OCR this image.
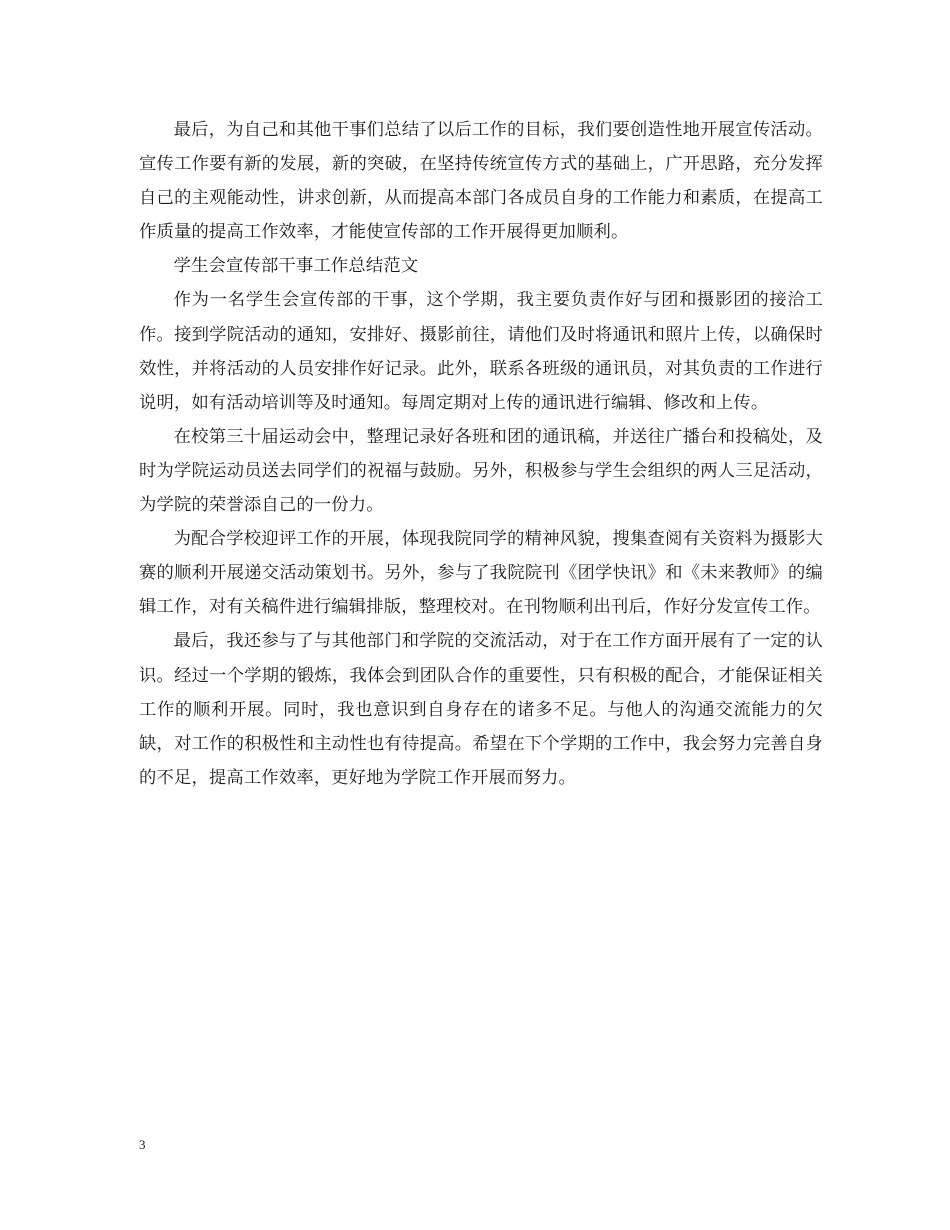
最后，为自己和其他干事们总结了以后工作的目标，我们要创造性地开展宣传活动。宣传工作要有新的发展，新的突破，在坚持传统宣传方式的基础上，广开思路，充分发挥自己的主观能动性，讲求创新，从而提高本部门各成员自身的工作能力和素质，在提高工作质量的提高工作效率，才能使宣传部的工作开展得更加顺利。

学生会宣传部干事工作总结范文

作为一名学生会宣传部的干事，这个学期，我主要负责作好与团和摄影团的接洽工作。接到学院活动的通知，安排好、摄影前往，请他们及时将通讯和照片上传，以确保时效性，并将活动的人员安排作好记录。此外，联系各班级的通讯员，对其负责的工作进行说明，如有活动培训等及时通知。每周定期对上传的通讯进行编辑、修改和上传。

在校第三十届运动会中，整理记录好各班和团的通讯稿，并送往广播台和投稿处，及时为学院运动员送去同学们的祝福与鼓励。另外，积极参与学生会组织的两人三足活动，为学院的荣誉添自己的一份力。

为配合学校迎评工作的开展，体现我院同学的精神风貌，搜集查阅有关资料为摄影大赛的顺利开展递交活动策划书。另外，参与了我院院刊《团学快讯》和《未来教师》的编辑工作，对有关稿件进行编辑排版，整理校对。在刊物顺利出刊后，作好分发宣传工作。

最后，我还参与了与其他部门和学院的交流活动，对于在工作方面开展有了一定的认识。经过一个学期的锻炼，我体会到团队合作的重要性，只有积极的配合，才能保证相关工作的顺利开展。同时，我也意识到自身存在的诸多不足。与他人的沟通交流能力的欠缺，对工作的积极性和主动性也有待提高。希望在下个学期的工作中，我会努力完善自身的不足，提高工作效率，更好地为学院工作开展而努力。

3
